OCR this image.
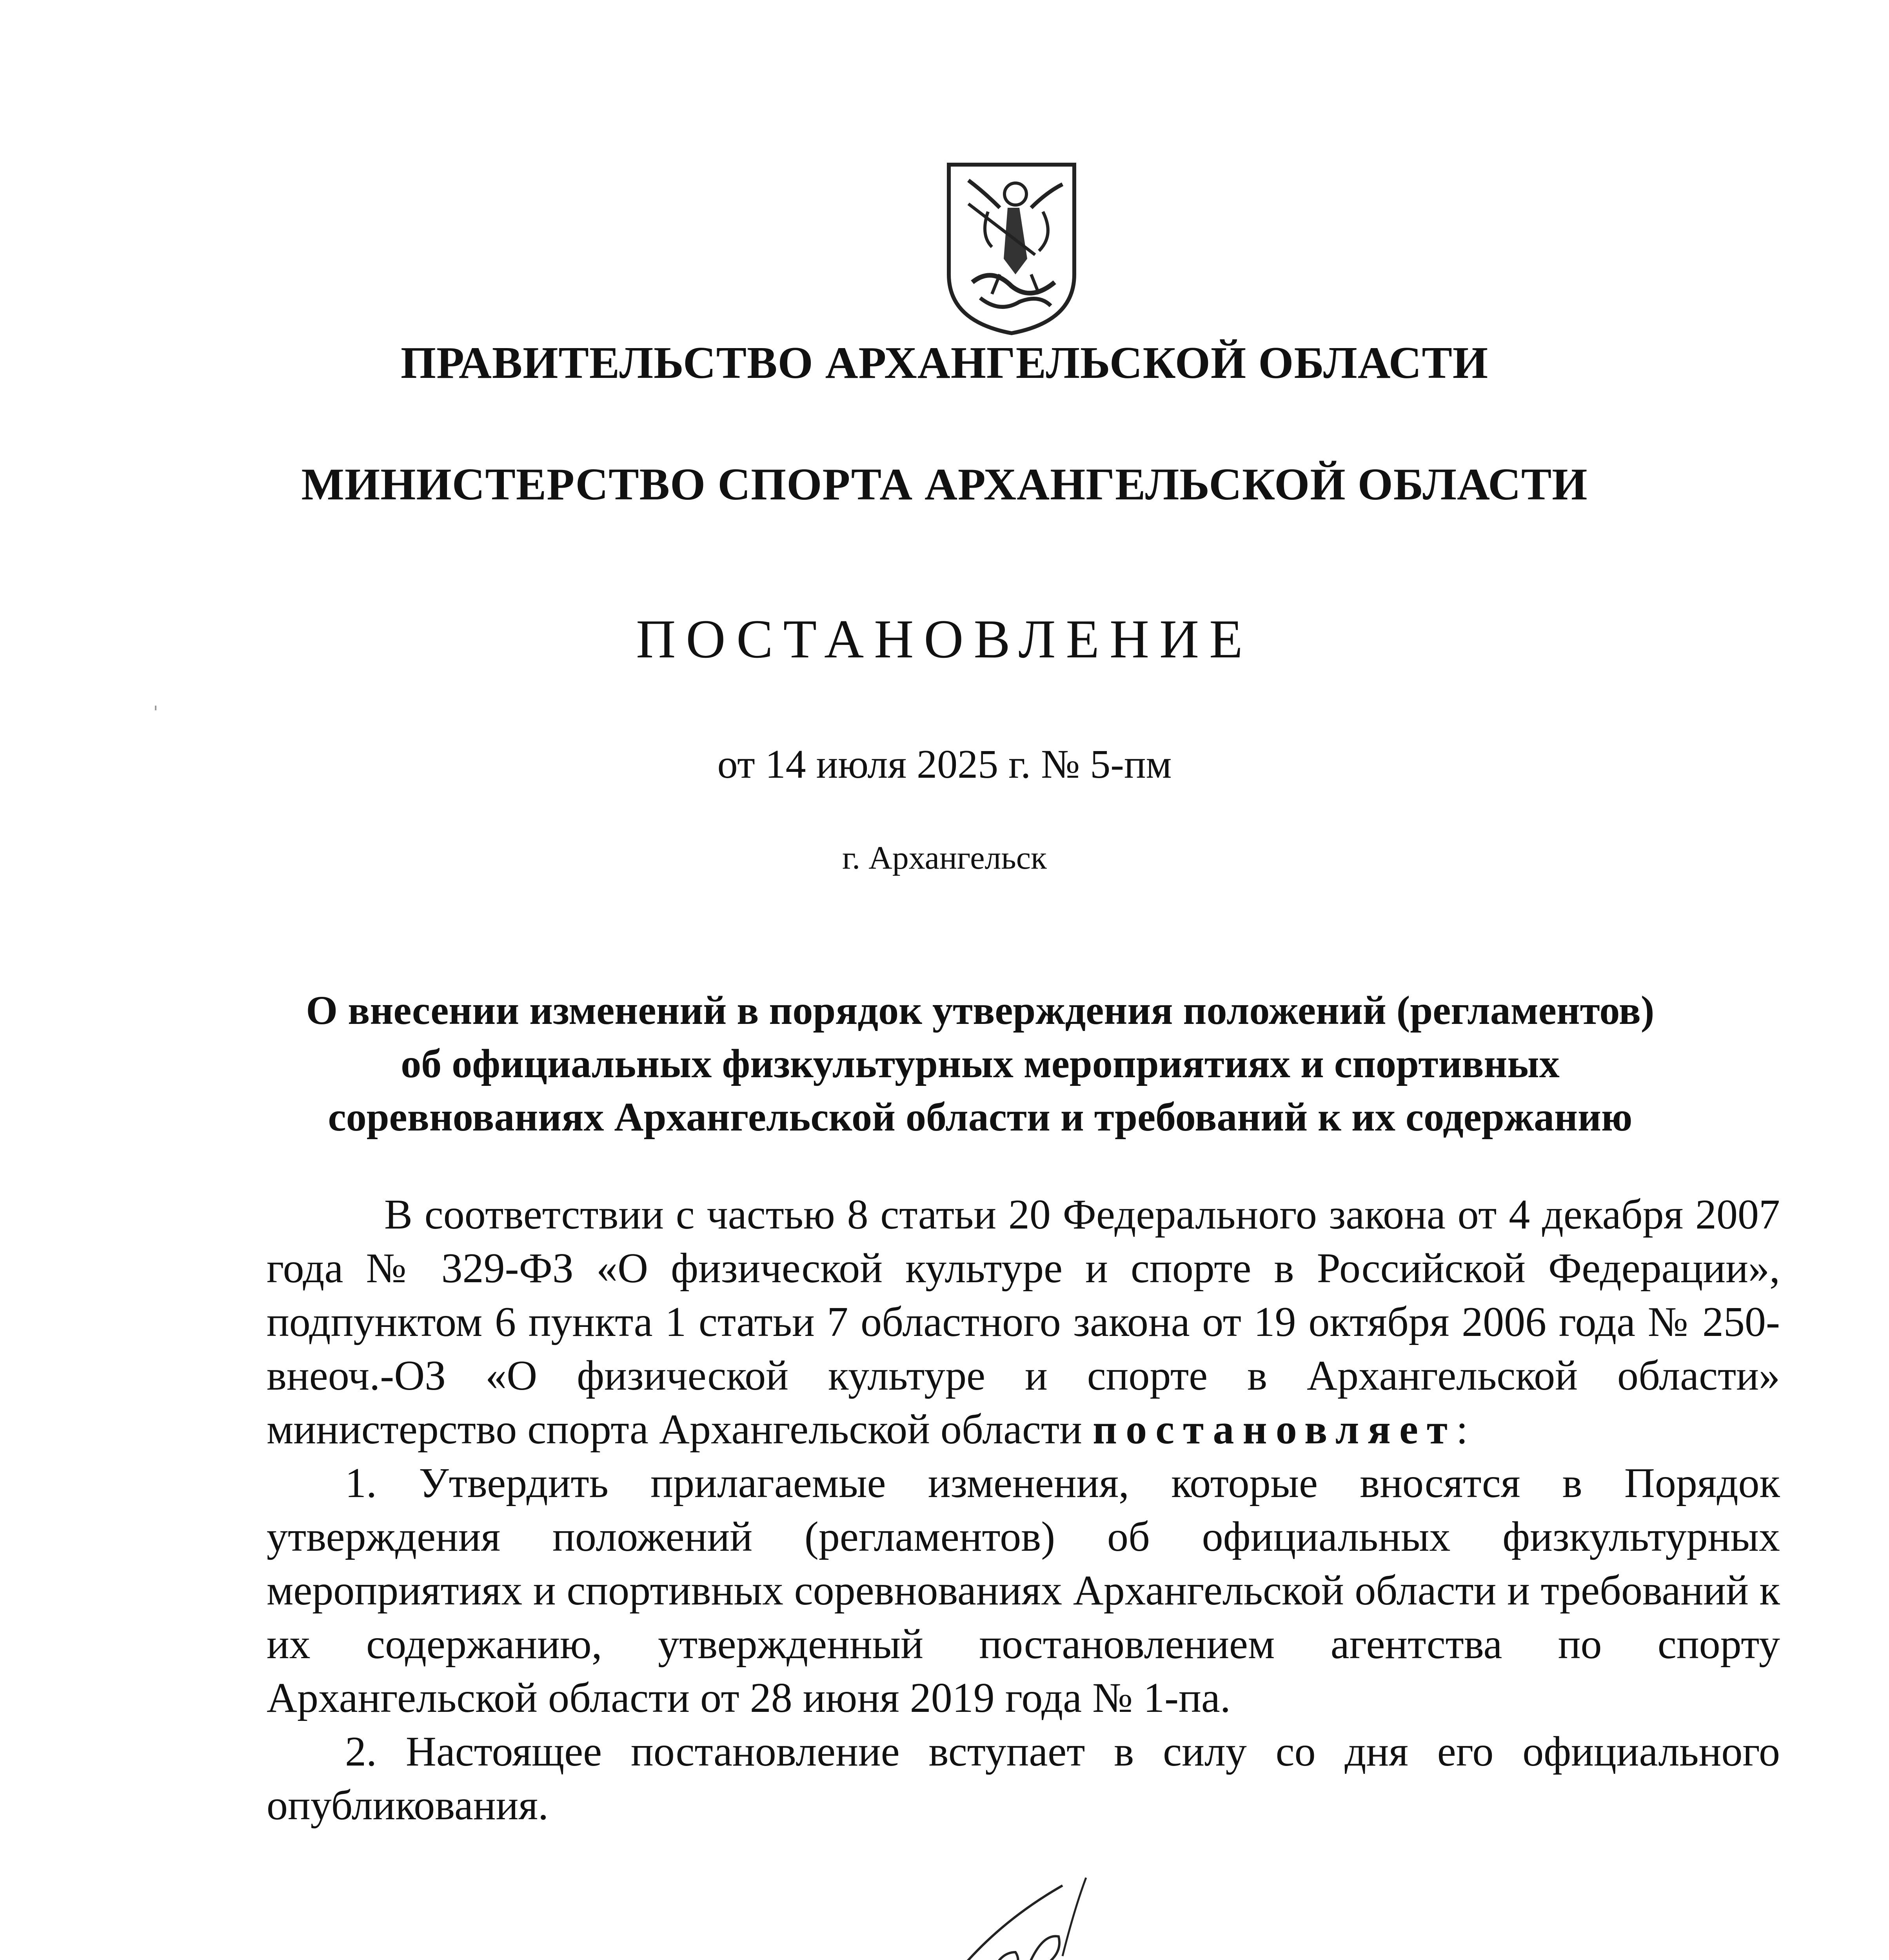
ПРАВИТЕЛЬСТВО АРХАНГЕЛЬСКОЙ ОБЛАСТИ
МИНИСТЕРСТВО СПОРТА АРХАНГЕЛЬСКОЙ ОБЛАСТИ
ПОСТАНОВЛЕНИЕ
от 14 июля 2025 г. № 5-пм
г. Архангельск
О внесении изменений в порядок утверждения положений (регламентов)
об официальных физкультурных мероприятиях и спортивных
соревнованиях Архангельской области и требований к их содержанию

В соответствии с частью 8 статьи 20 Федерального закона от 4 декабря 2007 года № 329-ФЗ «О физической культуре и спорте в Российской Федерации», подпунктом 6 пункта 1 статьи 7 областного закона от 19 октября 2006 года № 250-внеоч.-ОЗ «О физической культуре и спорте в Архангельской области» министерство спорта Архангельской области постановляет:

1. Утвердить прилагаемые изменения, которые вносятся в Порядок утверждения положений (регламентов) об официальных физкультурных мероприятиях и спортивных соревнованиях Архангельской области и требований к их содержанию, утвержденный постановлением агентства по спорту Архангельской области от 28 июня 2019 года № 1-па.

2. Настоящее постановление вступает в силу со дня его официального опубликования.
